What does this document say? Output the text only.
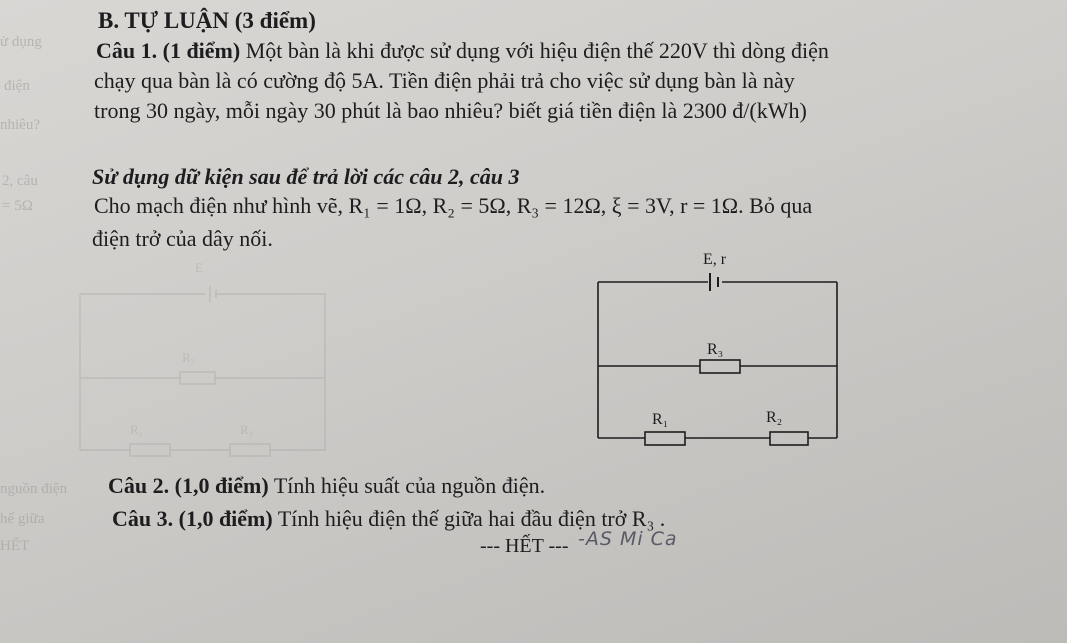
ử dụng
điện
nhiêu?
2, câu
= 5Ω
nguồn điện
hế giữa
HẾT
E
R₃
R₁	R₂
B. TỰ LUẬN (3 điểm)
Câu 1. (1 điểm) Một bàn là khi được sử dụng với hiệu điện thế 220V thì dòng điện
chạy qua bàn là có cường độ 5A. Tiền điện phải trả cho việc sử dụng bàn là này
trong 30 ngày, mỗi ngày 30 phút là bao nhiêu? biết giá tiền điện là 2300 đ/(kWh)
Sử dụng dữ kiện sau để trả lời các câu 2, câu 3
Cho mạch điện như hình vẽ, R₁ = 1Ω, R₂ = 5Ω, R₃ = 12Ω, ξ = 3V, r = 1Ω. Bỏ qua
điện trở của dây nối.
E, r
R₃
R₁	R₂
Câu 2. (1,0 điểm) Tính hiệu suất của nguồn điện.
Câu 3. (1,0 điểm) Tính hiệu điện thế giữa hai đầu điện trở R₃ .
--- HẾT --- -AS Mi Ca
